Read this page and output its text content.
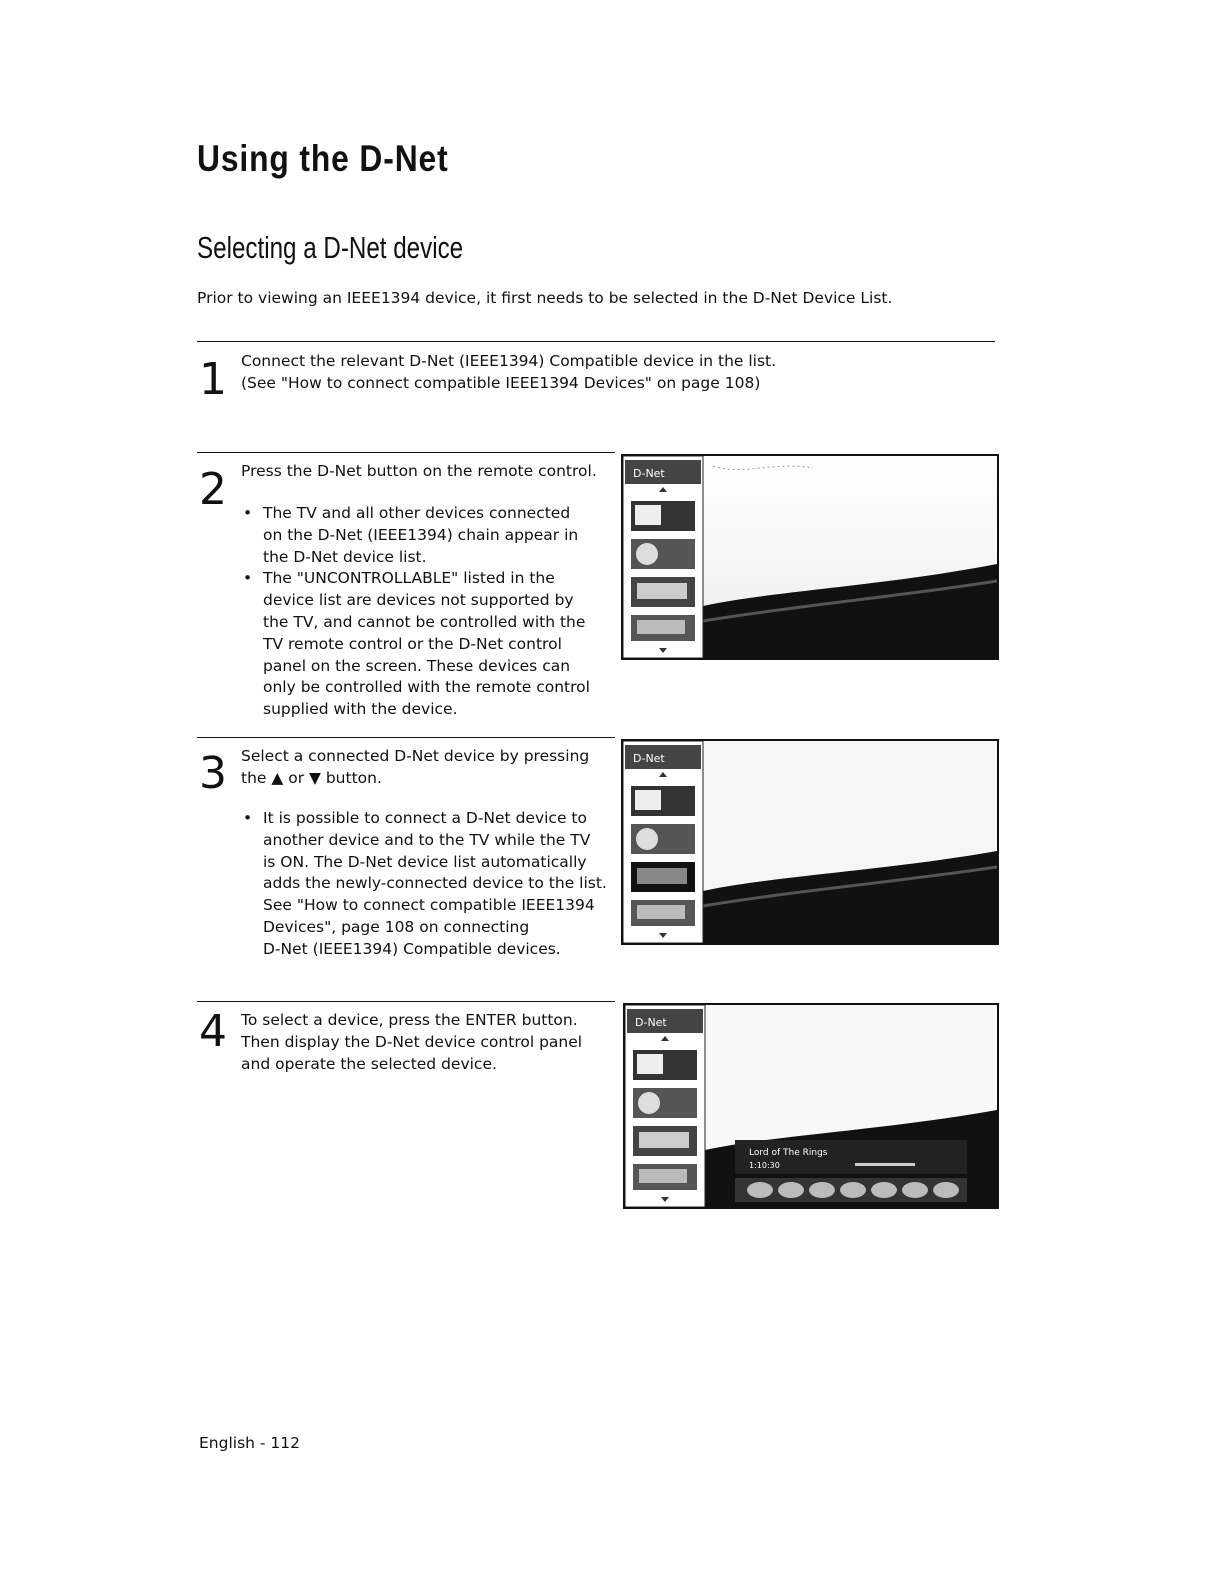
Using the D-Net
Selecting a D-Net device

Prior to viewing an IEEE1394 device, it first needs to be selected in the D-Net Device List.

1 Connect the relevant D-Net (IEEE1394) Compatible device in the list.

(See "How to connect compatible IEEE1394 Devices" on page 108)

2 Press the D-Net button on the remote control.

• The TV and all other devices connected
on the D-Net (IEEE1394) chain appear in
the D-Net device list.
• The "UNCONTROLLABLE" listed in the
device list are devices not supported by
the TV, and cannot be controlled with the
TV remote control or the D-Net control
panel on the screen. These devices can
only be controlled with the remote control
supplied with the device.
3 Select a connected D-Net device by pressing

the ▲ or ▼ button.

• It is possible to connect a D-Net device to
another device and to the TV while the TV
is ON. The D-Net device list automatically
adds the newly-connected device to the list.
See "How to connect compatible IEEE1394
Devices", page 108 on connecting
D-Net (IEEE1394) Compatible devices.
4 To select a device, press the ENTER button.

Then display the D-Net device control panel

and operate the selected device.

D-Net
D-Net
Lord of The Rings
1:10:30
D-Net

English - 112
